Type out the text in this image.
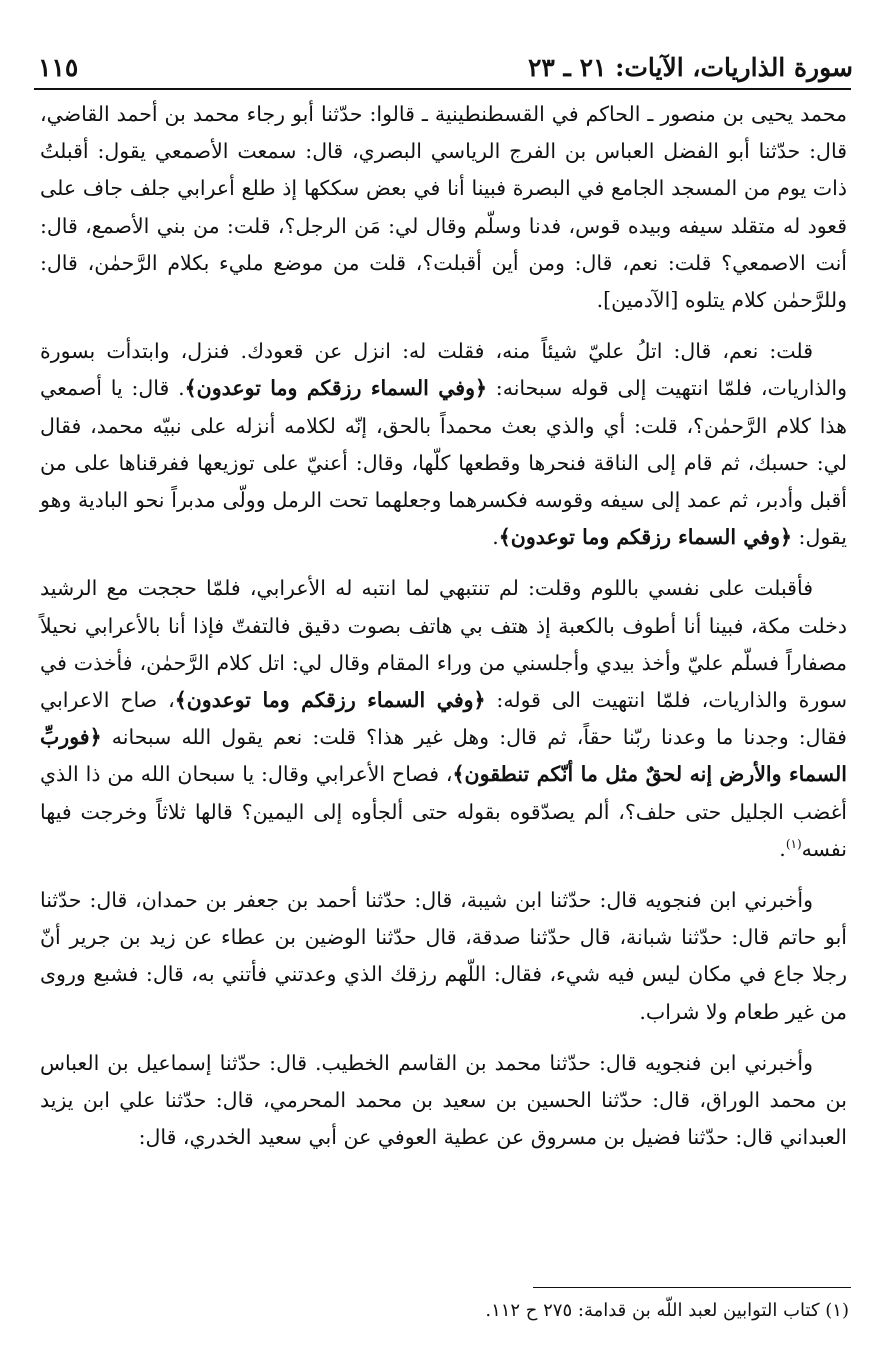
سورة الذاريات، الآيات: ٢١ ـ ٢٣
١١٥

محمد يحيى بن منصور ـ الحاكم في القسطنطينية ـ قالوا: حدّثنا أبو رجاء محمد بن أحمد القاضي، قال: حدّثنا أبو الفضل العباس بن الفرج الرياسي البصري، قال: سمعت الأصمعي يقول: أقبلتُ ذات يوم من المسجد الجامع في البصرة فبينا أنا في بعض سككها إذ طلع أعرابي جلف جاف على قعود له متقلد سيفه وبيده قوس، فدنا وسلّم وقال لي: مَن الرجل؟، قلت: من بني الأصمع، قال: أنت الاصمعي؟ قلت: نعم، قال: ومن أين أقبلت؟، قلت من موضع مليء بكلام الرَّحمٰن، قال: وللرَّحمٰن كلام يتلوه [الآدمين].

قلت: نعم، قال: اتلُ عليّ شيئاً منه، فقلت له: انزل عن قعودك. فنزل، وابتدأت بسورة والذاريات، فلمّا انتهيت إلى قوله سبحانه: ﴿وفي السماء رزقكم وما توعدون﴾. قال: يا أصمعي هذا كلام الرَّحمٰن؟، قلت: أي والذي بعث محمداً بالحق، إنّه لكلامه أنزله على نبيّه محمد، فقال لي: حسبك، ثم قام إلى الناقة فنحرها وقطعها كلّها، وقال: أعنيّ على توزيعها ففرقناها على من أقبل وأدبر، ثم عمد إلى سيفه وقوسه فكسرهما وجعلهما تحت الرمل وولّى مدبراً نحو البادية وهو يقول: ﴿وفي السماء رزقكم وما توعدون﴾.

فأقبلت على نفسي باللوم وقلت: لم تنتبهي لما انتبه له الأعرابي، فلمّا حججت مع الرشيد دخلت مكة، فبينا أنا أطوف بالكعبة إذ هتف بي هاتف بصوت دقيق فالتفتّ فإذا أنا بالأعرابي نحيلاً مصفاراً فسلّم عليّ وأخذ بيدي وأجلسني من وراء المقام وقال لي: اتل كلام الرَّحمٰن، فأخذت في سورة والذاريات، فلمّا انتهيت الى قوله: ﴿وفي السماء رزقكم وما توعدون﴾، صاح الاعرابي فقال: وجدنا ما وعدنا ربّنا حقاً، ثم قال: وهل غير هذا؟ قلت: نعم يقول الله سبحانه ﴿فوربِّ السماء والأرض إنه لحقٌ مثل ما أنّكم تنطقون﴾، فصاح الأعرابي وقال: يا سبحان الله من ذا الذي أغضب الجليل حتى حلف؟، ألم يصدّقوه بقوله حتى ألجأوه إلى اليمين؟ قالها ثلاثاً وخرجت فيها نفسه$^{(١)}$.

وأخبرني ابن فنجويه قال: حدّثنا ابن شيبة، قال: حدّثنا أحمد بن جعفر بن حمدان، قال: حدّثنا أبو حاتم قال: حدّثنا شبانة، قال حدّثنا صدقة، قال حدّثنا الوضين بن عطاء عن زيد بن جرير أنّ رجلا جاع في مكان ليس فيه شيء، فقال: اللّهم رزقك الذي وعدتني فأتني به، قال: فشبع وروى من غير طعام ولا شراب.

وأخبرني ابن فنجويه قال: حدّثنا محمد بن القاسم الخطيب. قال: حدّثنا إسماعيل بن العباس بن محمد الوراق، قال: حدّثنا الحسين بن سعيد بن محمد المحرمي، قال: حدّثنا علي ابن يزيد العبداني قال: حدّثنا فضيل بن مسروق عن عطية العوفي عن أبي سعيد الخدري، قال:

(١) كتاب التوابين لعبد اللّه بن قدامة: ٢٧٥ ح ١١٢.
